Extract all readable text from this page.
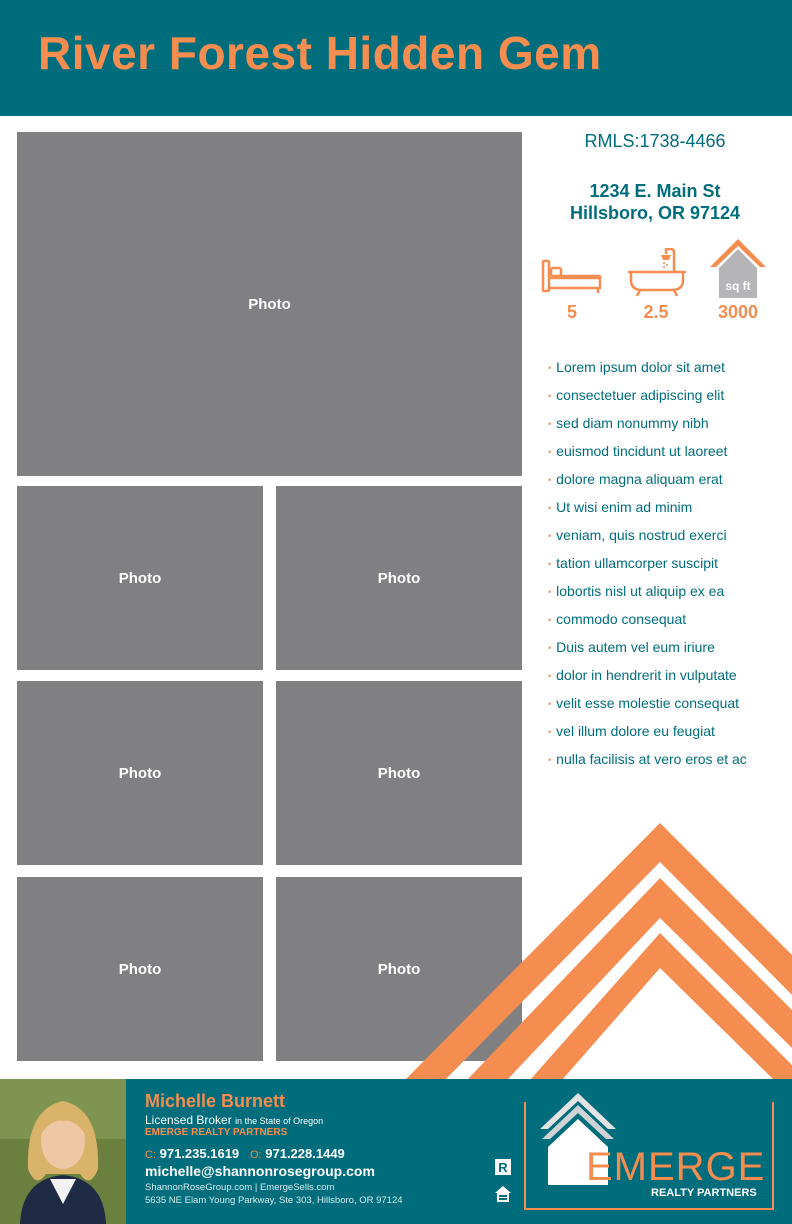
River Forest Hidden Gem
Photo
Photo	Photo
Photo	Photo
Photo	Photo
RMLS:1738-4466
1234 E. Main St
Hillsboro, OR 97124
sq ft
5	2.5	3000
• Lorem ipsum dolor sit amet
• consectetuer adipiscing elit
• sed diam nonummy nibh
• euismod tincidunt ut laoreet
• dolore magna aliquam erat
• Ut wisi enim ad minim
• veniam, quis nostrud exerci
• tation ullamcorper suscipit
• lobortis nisl ut aliquip ex ea
• commodo consequat
• Duis autem vel eum iriure
• dolor in hendrerit in vulputate
• velit esse molestie consequat
• vel illum dolore eu feugiat
• nulla facilisis at vero eros et ac
Michelle Burnett
Licensed Broker in the State of Oregon
EMERGE REALTY PARTNERS
C: 971.235.1619 O: 971.228.1449
michelle@shannonrosegroup.com
ShannonRoseGroup.com | EmergeSells.com
5635 NE Elam Young Parkway, Ste 303, Hillsboro, OR 97124
R EMERGE
REALTY PARTNERS
